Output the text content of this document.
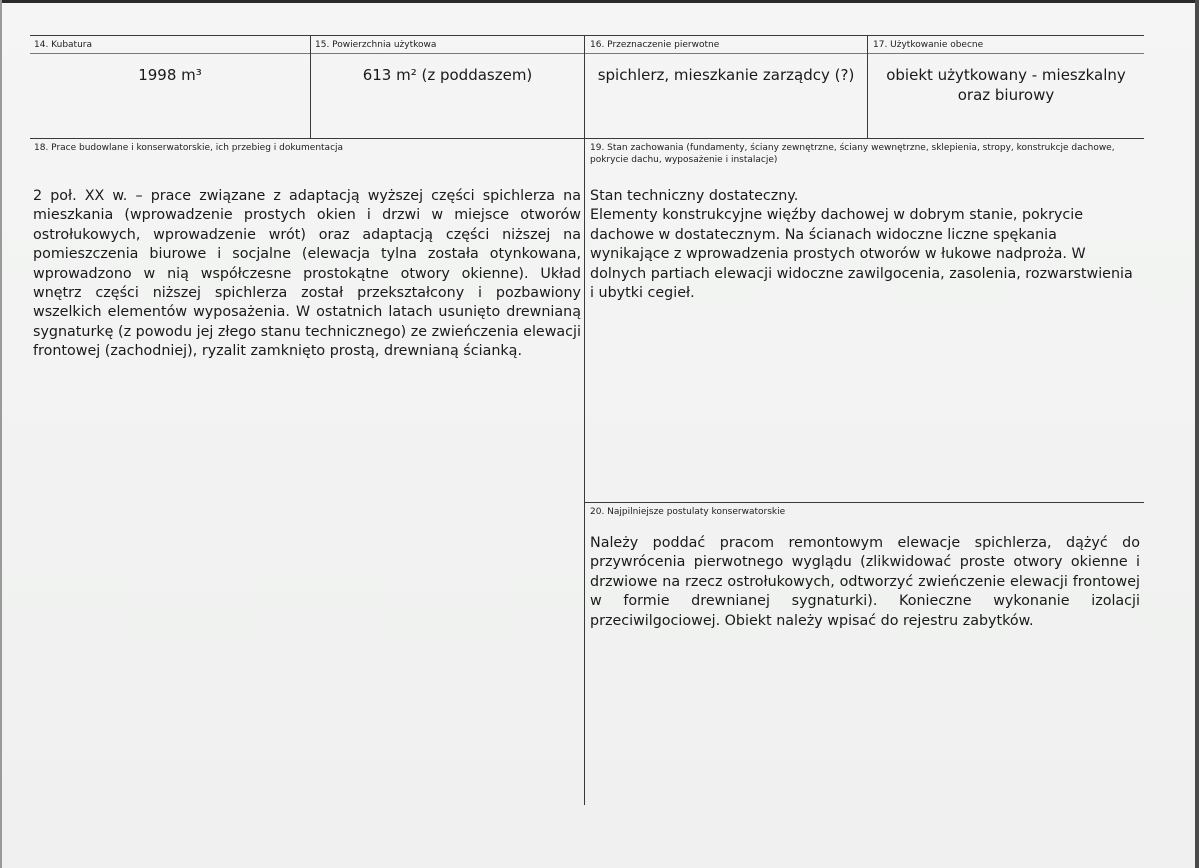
14. Kubatura
1998 m³
15. Powierzchnia użytkowa
613 m² (z poddaszem)
16. Przeznaczenie pierwotne
spichlerz, mieszkanie zarządcy (?)
17. Użytkowanie obecne
obiekt użytkowany - mieszkalny oraz biurowy
18. Prace budowlane i konserwatorskie, ich przebieg i dokumentacja

2 poł. XX w. – prace związane z adaptacją wyższej części spichlerza na mieszkania (wprowadzenie prostych okien i drzwi w miejsce otworów ostrołukowych, wprowadzenie wrót) oraz adaptacją części niższej na pomieszczenia biurowe i socjalne (elewacja tylna została otynkowana, wprowadzono w nią współczesne prostokątne otwory okienne). Układ wnętrz części niższej spichlerza został przekształcony i pozbawiony wszelkich elementów wyposażenia. W ostatnich latach usunięto drewnianą sygnaturkę (z powodu jej złego stanu technicznego) ze zwieńczenia elewacji frontowej (zachodniej), ryzalit zamknięto prostą, drewnianą ścianką.

19. Stan zachowania (fundamenty, ściany zewnętrzne, ściany wewnętrzne, sklepienia, stropy, konstrukcje dachowe, pokrycie dachu, wyposażenie i instalacje)

Stan techniczny dostateczny.

Elementy konstrukcyjne więźby dachowej w dobrym stanie, pokrycie dachowe w dostatecznym. Na ścianach widoczne liczne spękania wynikające z wprowadzenia prostych otworów w łukowe nadproża. W dolnych partiach elewacji widoczne zawilgocenia, zasolenia, rozwarstwienia i ubytki cegieł.

20. Najpilniejsze postulaty konserwatorskie

Należy poddać pracom remontowym elewacje spichlerza, dążyć do przywrócenia pierwotnego wyglądu (zlikwidować proste otwory okienne i drzwiowe na rzecz ostrołukowych, odtworzyć zwieńczenie elewacji frontowej w formie drewnianej sygnaturki). Konieczne wykonanie izolacji przeciwilgociowej. Obiekt należy wpisać do rejestru zabytków.
